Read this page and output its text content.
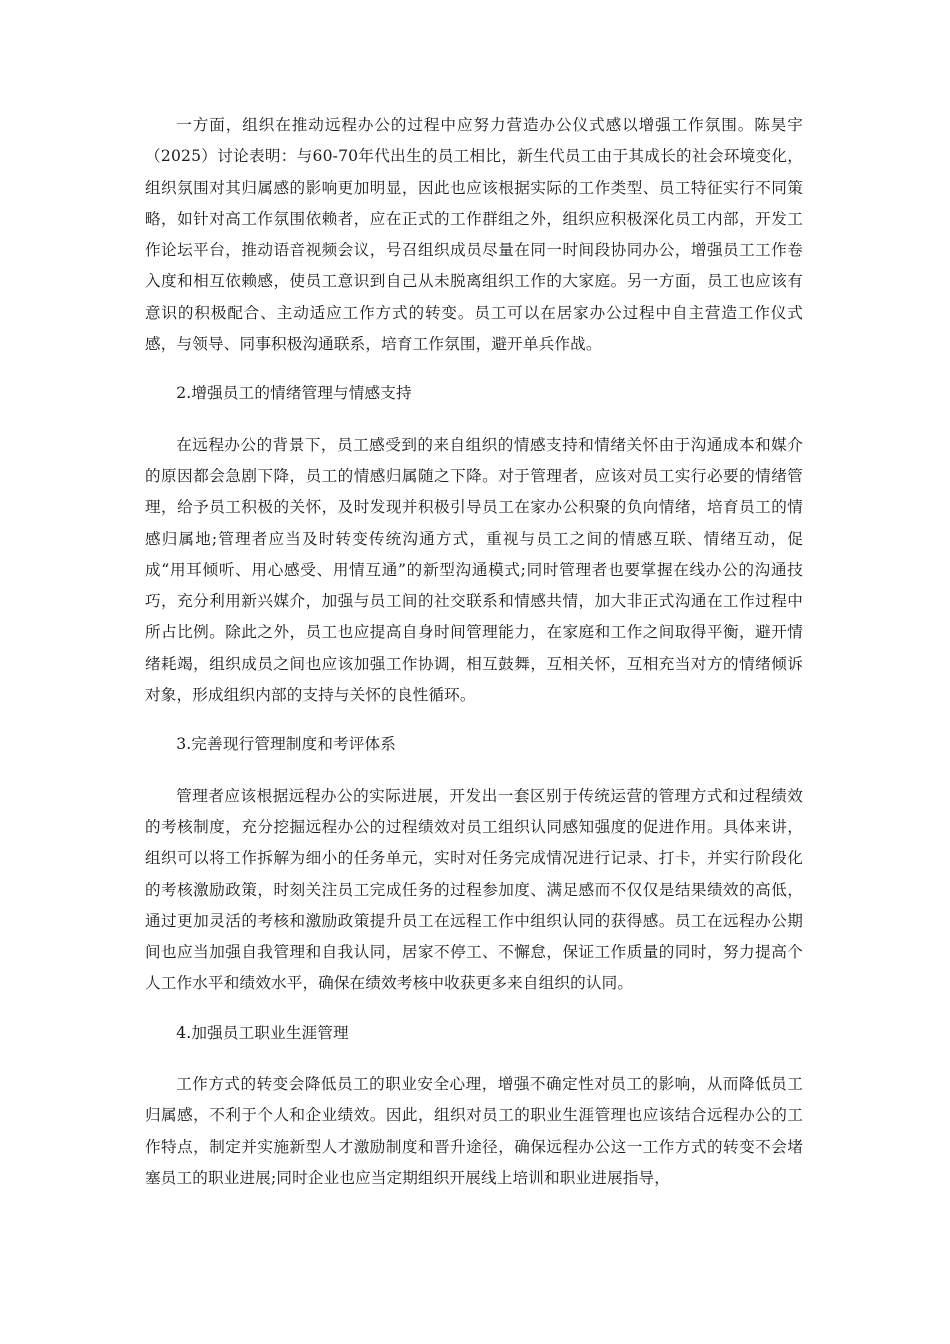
一方面，组织在推动远程办公的过程中应努力营造办公仪式感以增强工作氛围。陈昊宇（2025）讨论表明：与60-70年代出生的员工相比，新生代员工由于其成长的社会环境变化，组织氛围对其归属感的影响更加明显，因此也应该根据实际的工作类型、员工特征实行不同策略，如针对高工作氛围依赖者，应在正式的工作群组之外，组织应积极深化员工内部，开发工作论坛平台，推动语音视频会议，号召组织成员尽量在同一时间段协同办公，增强员工工作卷入度和相互依赖感，使员工意识到自己从未脱离组织工作的大家庭。另一方面，员工也应该有意识的积极配合、主动适应工作方式的转变。员工可以在居家办公过程中自主营造工作仪式感，与领导、同事积极沟通联系，培育工作氛围，避开单兵作战。

2.增强员工的情绪管理与情感支持

在远程办公的背景下，员工感受到的来自组织的情感支持和情绪关怀由于沟通成本和媒介的原因都会急剧下降，员工的情感归属随之下降。对于管理者，应该对员工实行必要的情绪管理，给予员工积极的关怀，及时发现并积极引导员工在家办公积聚的负向情绪，培育员工的情感归属地;管理者应当及时转变传统沟通方式，重视与员工之间的情感互联、情绪互动，促成“用耳倾听、用心感受、用情互通”的新型沟通模式;同时管理者也要掌握在线办公的沟通技巧，充分利用新兴媒介，加强与员工间的社交联系和情感共情，加大非正式沟通在工作过程中所占比例。除此之外，员工也应提高自身时间管理能力，在家庭和工作之间取得平衡，避开情绪耗竭，组织成员之间也应该加强工作协调，相互鼓舞，互相关怀，互相充当对方的情绪倾诉对象，形成组织内部的支持与关怀的良性循环。

3.完善现行管理制度和考评体系

管理者应该根据远程办公的实际进展，开发出一套区别于传统运营的管理方式和过程绩效的考核制度，充分挖掘远程办公的过程绩效对员工组织认同感知强度的促进作用。具体来讲，组织可以将工作拆解为细小的任务单元，实时对任务完成情况进行记录、打卡，并实行阶段化的考核激励政策，时刻关注员工完成任务的过程参加度、满足感而不仅仅是结果绩效的高低，通过更加灵活的考核和激励政策提升员工在远程工作中组织认同的获得感。员工在远程办公期间也应当加强自我管理和自我认同，居家不停工、不懈怠，保证工作质量的同时，努力提高个人工作水平和绩效水平，确保在绩效考核中收获更多来自组织的认同。

4.加强员工职业生涯管理

工作方式的转变会降低员工的职业安全心理，增强不确定性对员工的影响，从而降低员工归属感，不利于个人和企业绩效。因此，组织对员工的职业生涯管理也应该结合远程办公的工作特点，制定并实施新型人才激励制度和晋升途径，确保远程办公这一工作方式的转变不会堵塞员工的职业进展;同时企业也应当定期组织开展线上培训和职业进展指导，
